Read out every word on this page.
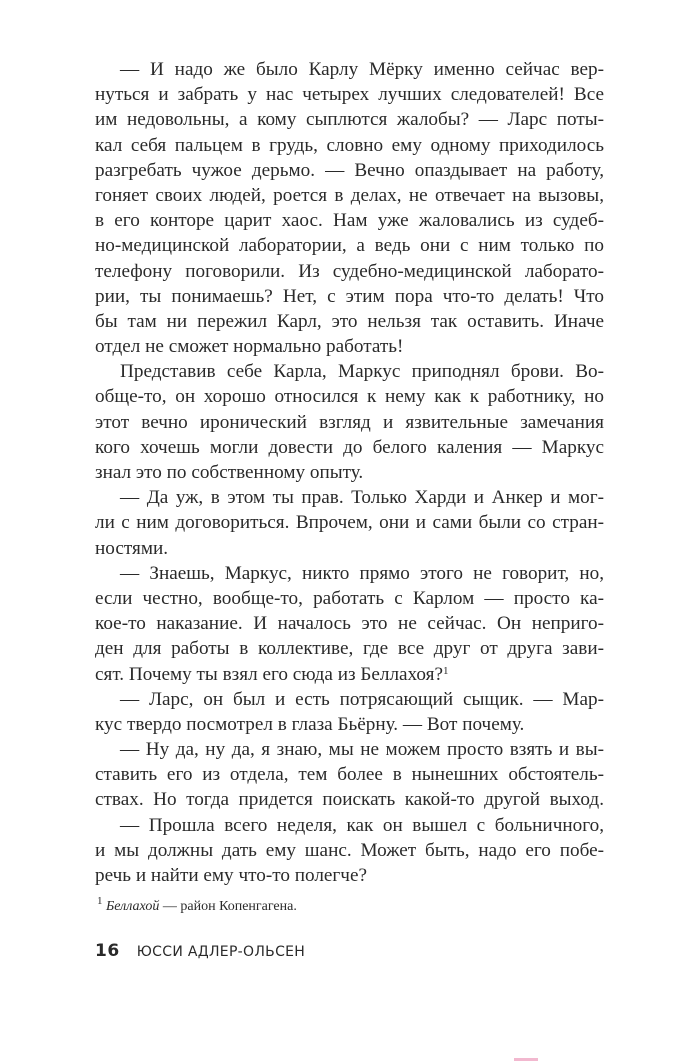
— И надо же было Карлу Мёрку именно сейчас вер-
нуться и забрать у нас четырех лучших следователей! Все
им недовольны, а кому сыплются жалобы? — Ларс поты-
кал себя пальцем в грудь, словно ему одному приходилось
разгребать чужое дерьмо. — Вечно опаздывает на работу,
гоняет своих людей, роется в делах, не отвечает на вызовы,
в его конторе царит хаос. Нам уже жаловались из судеб-
но-медицинской лаборатории, а ведь они с ним только по
телефону поговорили. Из судебно-медицинской лаборато-
рии, ты понимаешь? Нет, с этим пора что-то делать! Что
бы там ни пережил Карл, это нельзя так оставить. Иначе
отдел не сможет нормально работать!
Представив себе Карла, Маркус приподнял брови. Во-
обще-то, он хорошо относился к нему как к работнику, но
этот вечно иронический взгляд и язвительные замечания
кого хочешь могли довести до белого каления — Маркус
знал это по собственному опыту.
— Да уж, в этом ты прав. Только Харди и Анкер и мог-
ли с ним договориться. Впрочем, они и сами были со стран-
ностями.
— Знаешь, Маркус, никто прямо этого не говорит, но,
если честно, вообще-то, работать с Карлом — просто ка-
кое-то наказание. И началось это не сейчас. Он неприго-
ден для работы в коллективе, где все друг от друга зави-
сят. Почему ты взял его сюда из Беллахоя?$^1$
— Ларс, он был и есть потрясающий сыщик. — Мар-
кус твердо посмотрел в глаза Бьёрну. — Вот почему.
— Ну да, ну да, я знаю, мы не можем просто взять и вы-
ставить его из отдела, тем более в нынешних обстоятель-
ствах. Но тогда придется поискать какой-то другой выход.
— Прошла всего неделя, как он вышел с больничного,
и мы должны дать ему шанс. Может быть, надо его побе-
речь и найти ему что-то полегче?
$^1$ Беллахой — район Копенгагена.
16 ЮССИ АДЛЕР-ОЛЬСЕН
